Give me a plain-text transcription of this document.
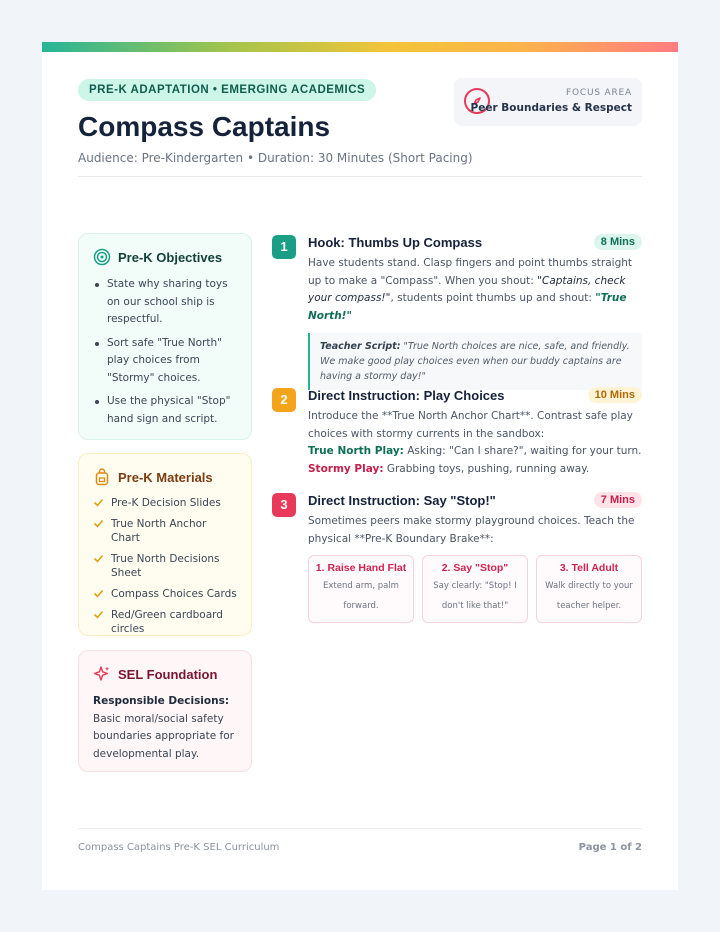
PRE-K ADAPTATION • EMERGING ACADEMICS
Compass Captains
Audience: Pre-Kindergarten • Duration: 30 Minutes (Short Pacing)
FOCUS AREA
Peer Boundaries & Respect
Pre-K Objectives
State why sharing toys on our school ship is respectful.
Sort safe "True North" play choices from "Stormy" choices.
Use the physical "Stop" hand sign and script.
Pre-K Materials
Pre-K Decision Slides
True North Anchor Chart
True North Decisions Sheet
Compass Choices Cards
Red/Green cardboard circles
SEL Foundation
Responsible Decisions: Basic moral/social safety boundaries appropriate for developmental play.
1	Hook: Thumbs Up Compass	8 Mins
Have students stand. Clasp fingers and point thumbs straight up to make a "Compass". When you shout: "Captains, check your compass!", students point thumbs up and shout: "True North!"
Teacher Script: "True North choices are nice, safe, and friendly. We make good play choices even when our buddy captains are having a stormy day!"
2	Direct Instruction: Play Choices	10 Mins
Introduce the **True North Anchor Chart**. Contrast safe play choices with stormy currents in the sandbox:
True North Play: Asking: "Can I share?", waiting for your turn.
Stormy Play: Grabbing toys, pushing, running away.
3	Direct Instruction: Say "Stop!"	7 Mins
Sometimes peers make stormy playground choices. Teach the physical **Pre-K Boundary Brake**:
1. Raise Hand Flat
Extend arm, palm forward.
2. Say "Stop"
Say clearly: "Stop! I don't like that!"
3. Tell Adult
Walk directly to your teacher helper.
Compass Captains Pre-K SEL Curriculum	Page 1 of 2
